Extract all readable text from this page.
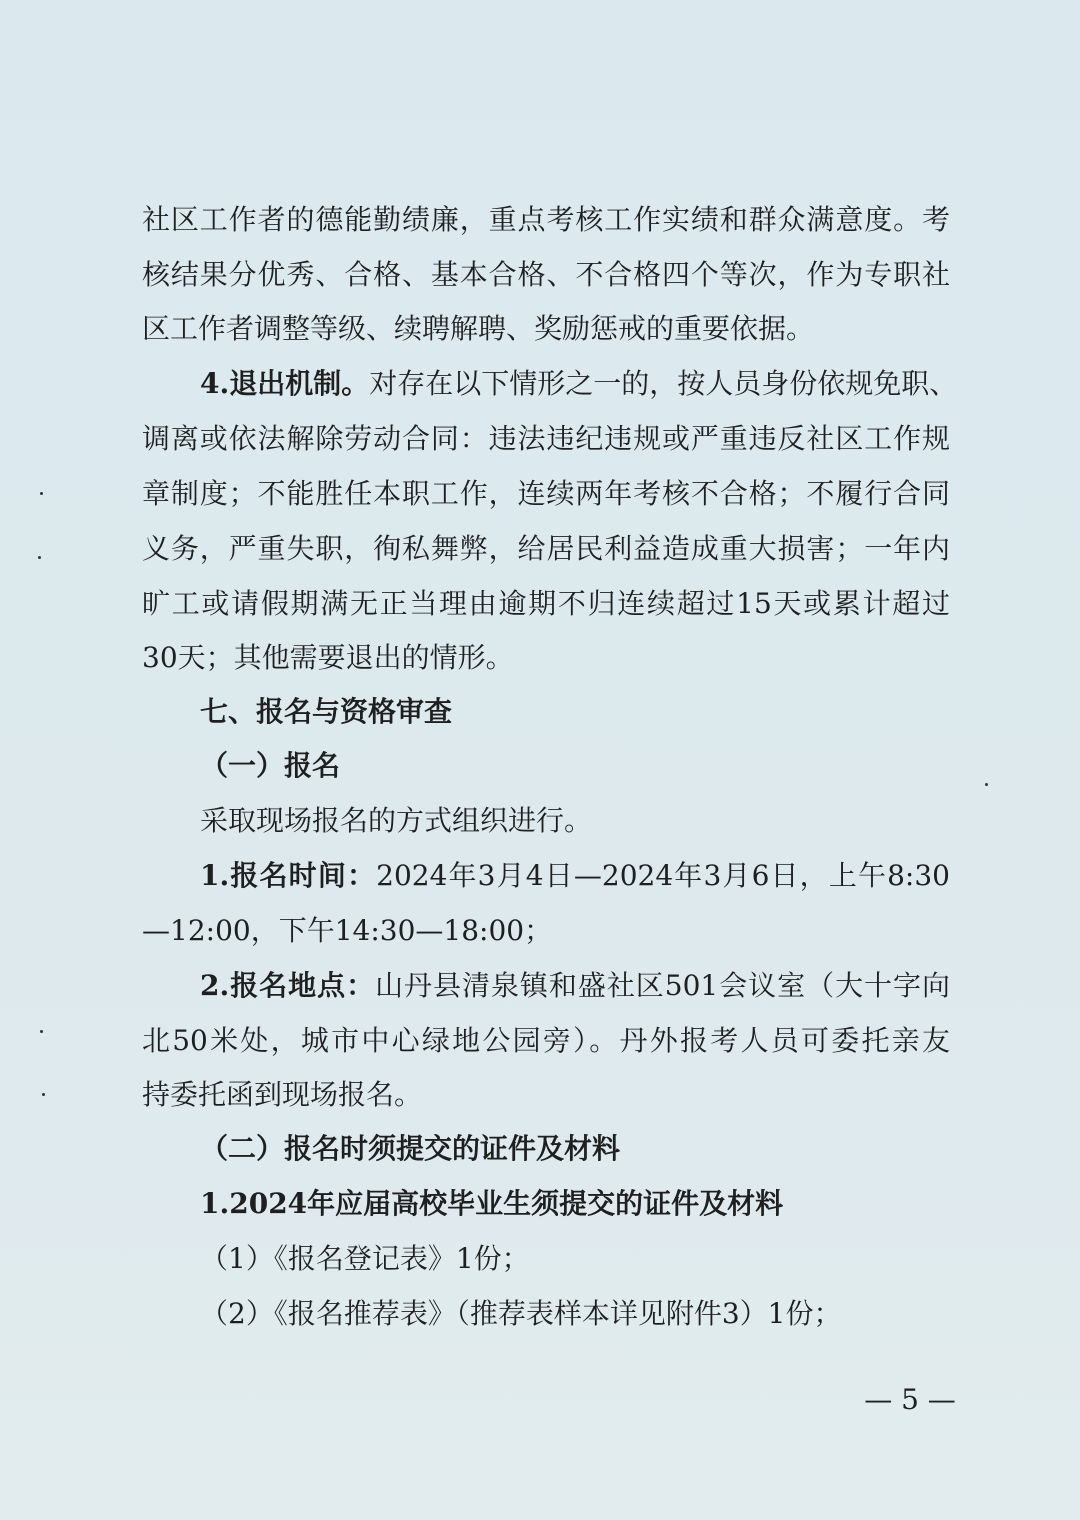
社区工作者的德能勤绩廉，重点考核工作实绩和群众满意度。考
核结果分优秀、合格、基本合格、不合格四个等次，作为专职社
区工作者调整等级、续聘解聘、奖励惩戒的重要依据。
4.退出机制。对存在以下情形之一的，按人员身份依规免职、
调离或依法解除劳动合同：违法违纪违规或严重违反社区工作规
章制度；不能胜任本职工作，连续两年考核不合格；不履行合同
义务，严重失职，徇私舞弊，给居民利益造成重大损害；一年内
旷工或请假期满无正当理由逾期不归连续超过15天或累计超过
30天；其他需要退出的情形。
七、报名与资格审查
（一）报名
采取现场报名的方式组织进行。
1.报名时间：2024年3月4日—2024年3月6日，上午8:30
—12:00，下午14:30—18:00；
2.报名地点：山丹县清泉镇和盛社区501会议室（大十字向
北50米处，城市中心绿地公园旁）。丹外报考人员可委托亲友
持委托函到现场报名。
（二）报名时须提交的证件及材料
1.2024年应届高校毕业生须提交的证件及材料
（1）《报名登记表》1份；
（2）《报名推荐表》（推荐表样本详见附件3）1份；
— 5 —
